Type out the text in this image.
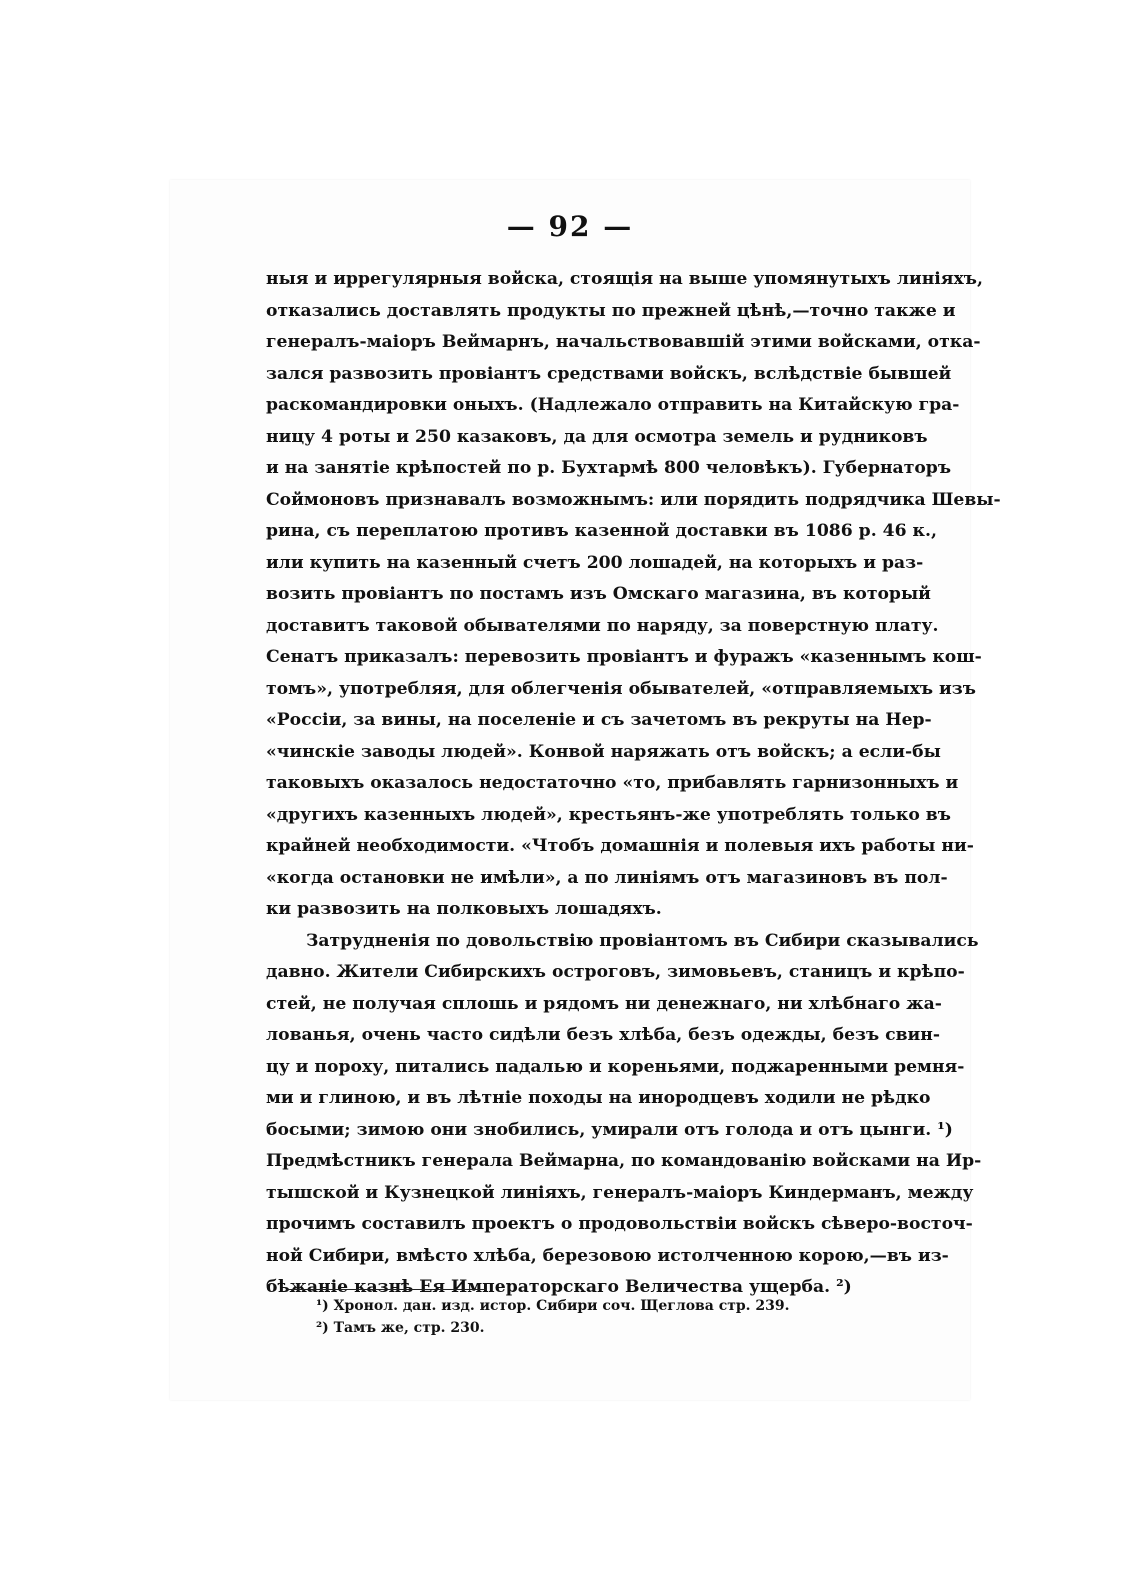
— 92 —
ныя и иррегулярныя войска, стоящія на выше упомянутыхъ линіяхъ,
отказались доставлять продукты по прежней цѣнѣ,—точно также и
генералъ-маіоръ Веймарнъ, начальствовавшій этими войсками, отка-
зался развозить провіантъ средствами войскъ, вслѣдствіе бывшей
раскомандировки оныхъ. (Надлежало отправить на Китайскую гра-
ницу 4 роты и 250 казаковъ, да для осмотра земель и рудниковъ
и на занятіе крѣпостей по р. Бухтармѣ 800 человѣкъ). Губернаторъ
Соймоновъ признавалъ возможнымъ: или порядить подрядчика Шевы-
рина, съ переплатою противъ казенной доставки въ 1086 р. 46 к.,
или купить на казенный счетъ 200 лошадей, на которыхъ и раз-
возить провіантъ по постамъ изъ Омскаго магазина, въ который
доставитъ таковой обывателями по наряду, за поверстную плату.
Сенатъ приказалъ: перевозить провіантъ и фуражъ «казеннымъ кош-
томъ», употребляя, для облегченія обывателей, «отправляемыхъ изъ
«Россіи, за вины, на поселеніе и съ зачетомъ въ рекруты на Нер-
«чинскіе заводы людей». Конвой наряжать отъ войскъ; а если-бы
таковыхъ оказалось недостаточно «то, прибавлять гарнизонныхъ и
«другихъ казенныхъ людей», крестьянъ-же употреблять только въ
крайней необходимости. «Чтобъ домашнія и полевыя ихъ работы ни-
«когда остановки не имѣли», а по линіямъ отъ магазиновъ въ пол-
ки развозить на полковыхъ лошадяхъ.
Затрудненія по довольствію провіантомъ въ Сибири сказывались
давно. Жители Сибирскихъ остроговъ, зимовьевъ, станицъ и крѣпо-
стей, не получая сплошь и рядомъ ни денежнаго, ни хлѣбнаго жа-
лованья, очень часто сидѣли безъ хлѣба, безъ одежды, безъ свин-
цу и пороху, питались падалью и кореньями, поджаренными ремня-
ми и глиною, и въ лѣтніе походы на инородцевъ ходили не рѣдко
босыми; зимою они знобились, умирали отъ голода и отъ цынги. ¹)
Предмѣстникъ генерала Веймарна, по командованію войсками на Ир-
тышской и Кузнецкой линіяхъ, генералъ-маіоръ Киндерманъ, между
прочимъ составилъ проектъ о продовольствіи войскъ сѣверо-восточ-
ной Сибири, вмѣсто хлѣба, березовою истолченною корою,—въ из-
бѣжаніе казнѣ Ея Императорскаго Величества ущерба. ²)
¹) Хронол. дан. изд. истор. Сибири соч. Щеглова стр. 239.
²) Тамъ же, стр. 230.
